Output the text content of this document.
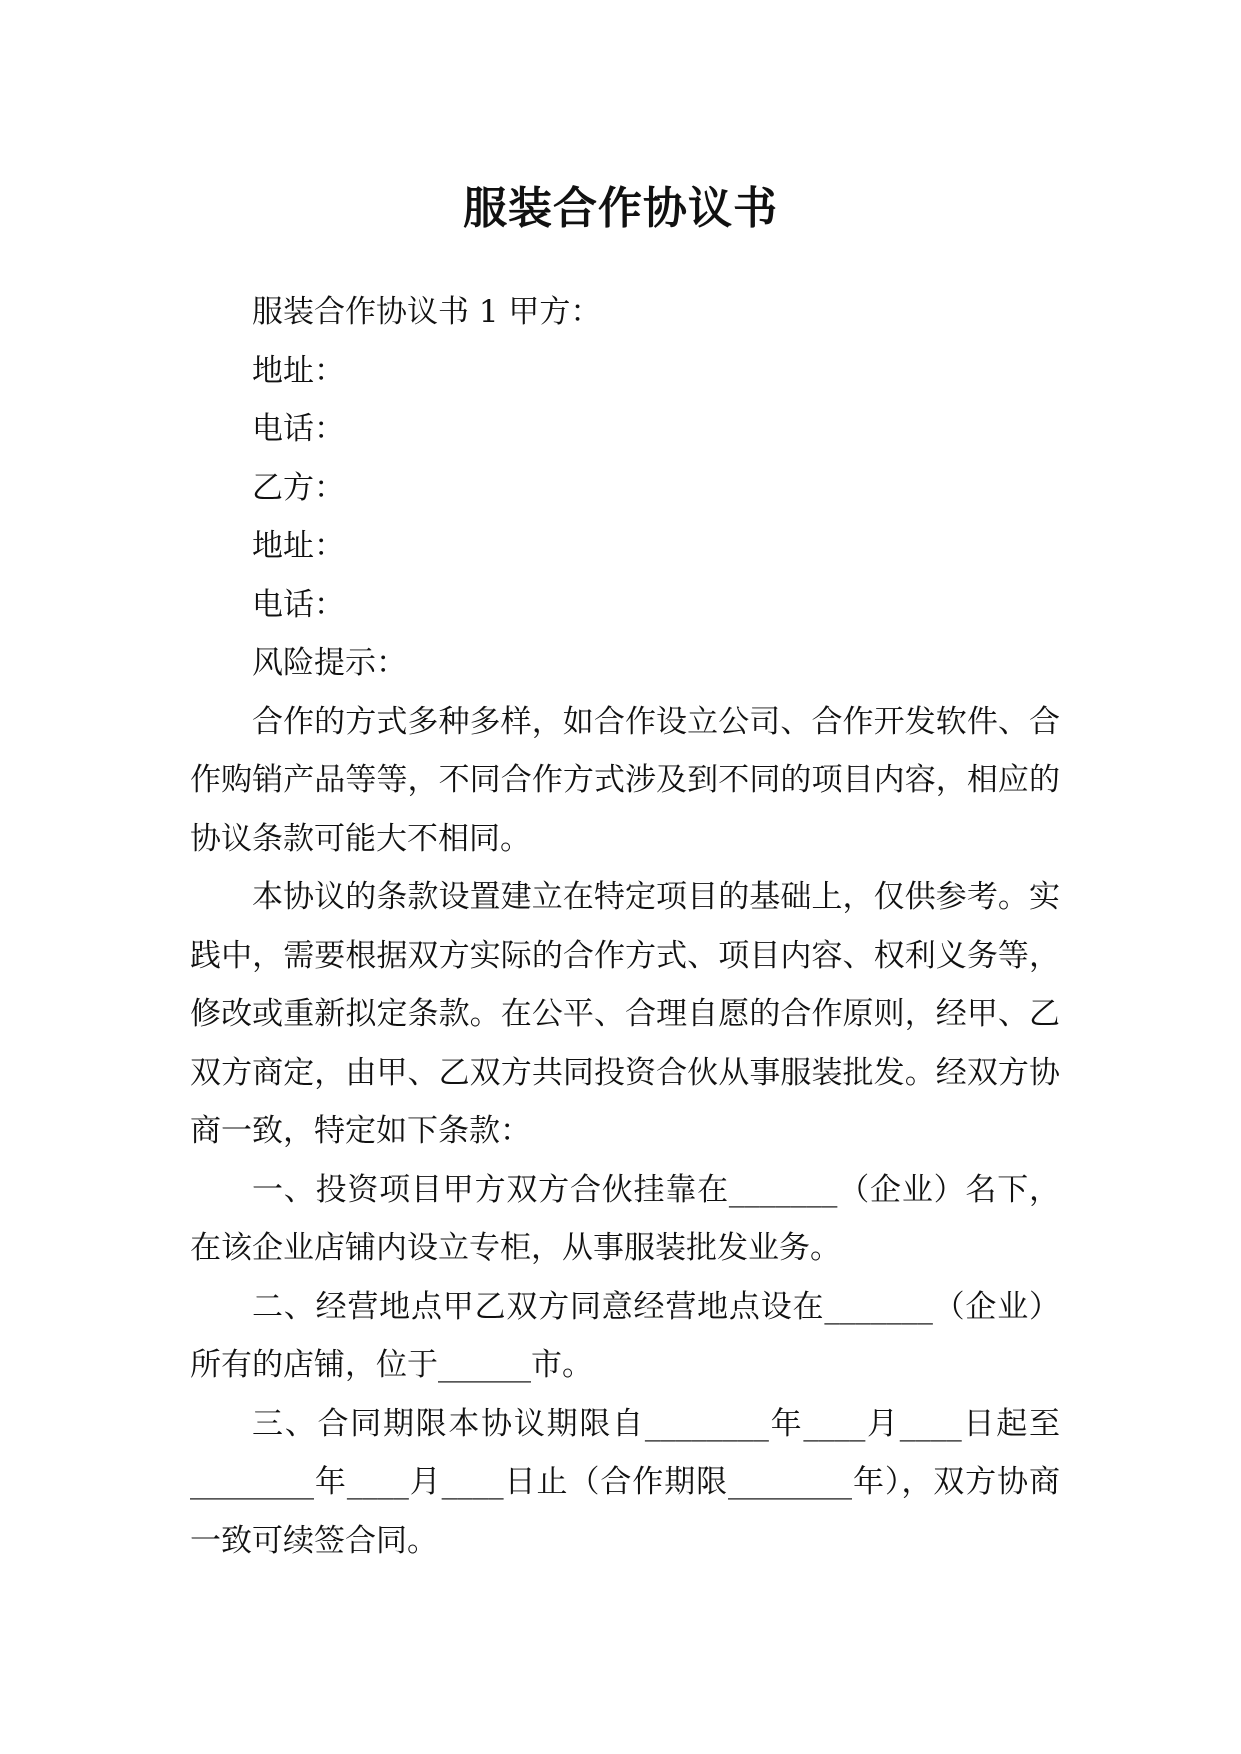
服装合作协议书

服装合作协议书 1 甲方：

地址：

电话：

乙方：

地址：

电话：

风险提示：

合作的方式多种多样，如合作设立公司、合作开发软件、合作购销产品等等，不同合作方式涉及到不同的项目内容，相应的协议条款可能大不相同。

本协议的条款设置建立在特定项目的基础上，仅供参考。实践中，需要根据双方实际的合作方式、项目内容、权利义务等，修改或重新拟定条款。在公平、合理自愿的合作原则，经甲、乙双方商定，由甲、乙双方共同投资合伙从事服装批发。经双方协商一致，特定如下条款：

一、投资项目甲方双方合伙挂靠在_______（企业）名下，在该企业店铺内设立专柜，从事服装批发业务。

二、经营地点甲乙双方同意经营地点设在_______（企业）所有的店铺，位于______市。

三、合同期限本协议期限自________年____月____日起至________年____月____日止（合作期限________年），双方协商一致可续签合同。
